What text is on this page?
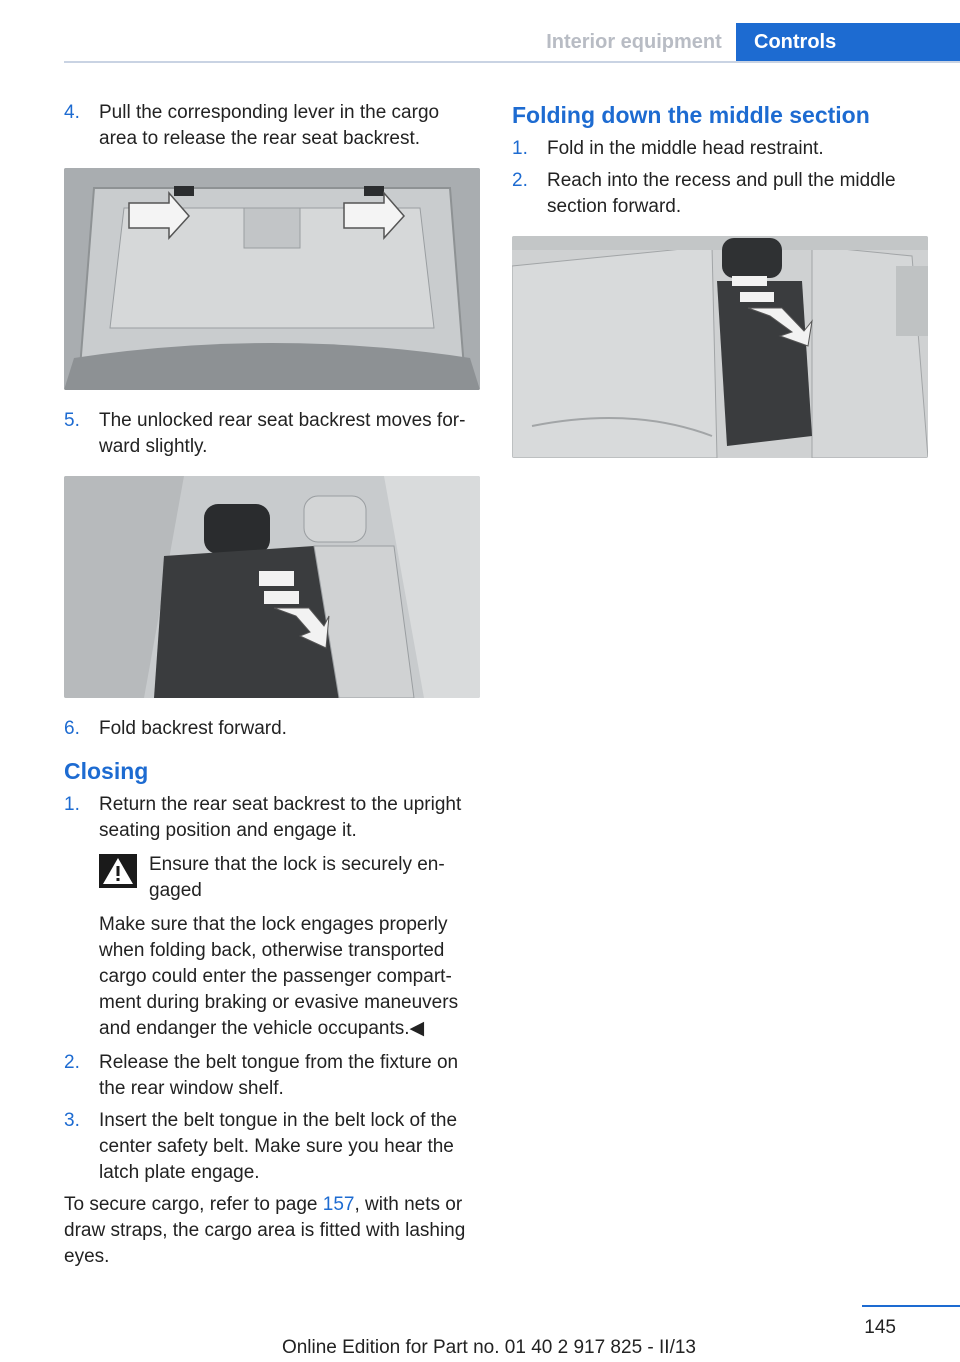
Interior equipment	Controls
4. Pull the corresponding lever in the cargo area to release the rear seat backrest.
5. The unlocked rear seat backrest moves forward slightly.
6. Fold backrest forward.
Closing
1. Return the rear seat backrest to the upright seating position and engage it.
Ensure that the lock is securely engaged
Make sure that the lock engages properly when folding back, otherwise transported cargo could enter the passenger compartment during braking or evasive maneuvers and endanger the vehicle occupants.◀
2. Release the belt tongue from the fixture on the rear window shelf.
3. Insert the belt tongue in the belt lock of the center safety belt. Make sure you hear the latch plate engage.
To secure cargo, refer to page 157, with nets or draw straps, the cargo area is fitted with lashing eyes.
Folding down the middle section
1. Fold in the middle head restraint.
2. Reach into the recess and pull the middle section forward.
145
Online Edition for Part no. 01 40 2 917 825 - II/13
